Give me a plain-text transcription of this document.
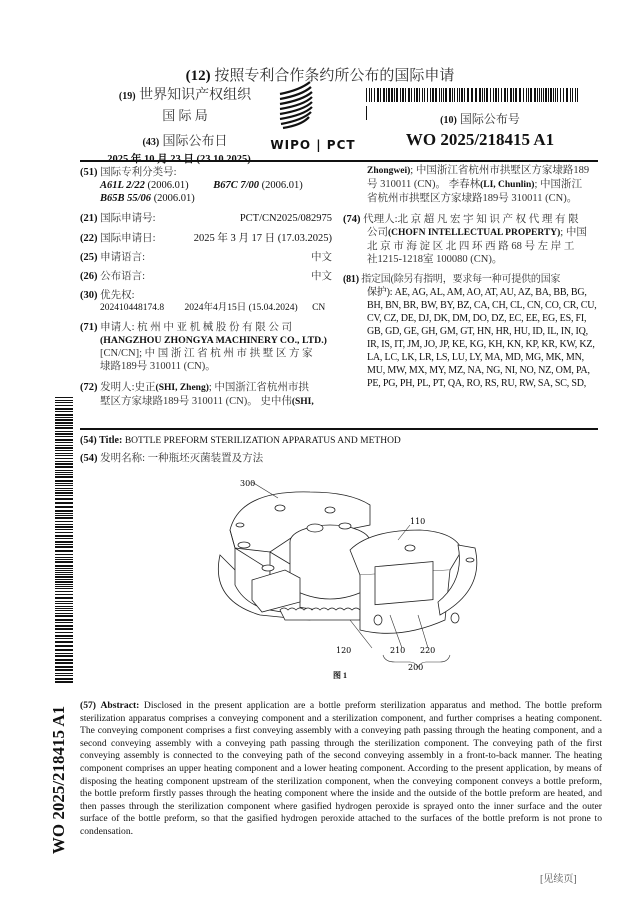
(12) 按照专利合作条约所公布的国际申请
(19) 世界知识产权组织
国 际 局
(43) 国际公布日	WIPO | PCT
(10) 国际公布号
WO 2025/218415 A1
(51) 国际专利分类号:
A61L 2/22 (2006.01) B67C 7/00 (2006.01)
B65B 55/06 (2006.01)
(21) 国际申请号:	PCT/CN2025/082975
(22) 国际申请日:	2025 年 3 月 17 日 (17.03.2025)
(25) 申请语言:	中文
(26) 公布语言:	中文
(30) 优先权:
202410448174.8 2024年4月15日 (15.04.2024) CN
(71) 申请人: 杭 州 中 亚 机 械 股 份 有 限 公 司
(HANGZHOU ZHONGYA MACHINERY CO., LTD.)
[CN/CN]; 中 国 浙 江 省 杭 州 市 拱 墅 区 方 家
埭路189号 310011 (CN)。
(72) 发明人:史正(SHI, Zheng); 中国浙江省杭州市拱
墅区方家埭路189号 310011 (CN)。 史中伟(SHI,
Zhongwei); 中国浙江省杭州市拱墅区方家埭路189
号 310011 (CN)。 李春林(LI, Chunlin); 中国浙江
省杭州市拱墅区方家埭路189号 310011 (CN)。
(74) 代理人:北 京 超 凡 宏 宇 知 识 产 权 代 理 有 限
公司(CHOFN INTELLECTUAL PROPERTY); 中国
北 京 市 海 淀 区 北 四 环 西 路 68 号 左 岸 工
社1215-1218室 100080 (CN)。
(81) 指定国(除另有指明，要求每一种可提供的国家
保护): AE, AG, AL, AM, AO, AT, AU, AZ, BA, BB, BG,
BH, BN, BR, BW, BY, BZ, CA, CH, CL, CN, CO, CR, CU,
CV, CZ, DE, DJ, DK, DM, DO, DZ, EC, EE, EG, ES, FI,
GB, GD, GE, GH, GM, GT, HN, HR, HU, ID, IL, IN, IQ,
IR, IS, IT, JM, JO, JP, KE, KG, KH, KN, KP, KR, KW, KZ,
LA, LC, LK, LR, LS, LU, LY, MA, MD, MG, MK, MN,
MU, MW, MX, MY, MZ, NA, NG, NI, NO, NZ, OM, PA,
PE, PG, PH, PL, PT, QA, RO, RS, RU, RW, SA, SC, SD,
(54) Title: BOTTLE PREFORM STERILIZATION APPARATUS AND METHOD
(54) 发明名称: 一种瓶坯灭菌装置及方法
300
110
120	210 220
200
图 1
(57) Abstract: Disclosed in the present application are a bottle preform sterilization apparatus and method. The bottle preform sterilization apparatus comprises a conveying component and a sterilization component, and further comprises a heating component. The conveying component comprises a first conveying assembly with a conveying path passing through the heating component, and a second conveying assembly with a conveying path passing through the sterilization component. The conveying path of the first conveying assembly is connected to the conveying path of the second conveying assembly in a front-to-back manner. The heating component comprises an upper heating component and a lower heating component. According to the present application, by means of disposing the heating component upstream of the sterilization component, when the conveying component conveys a bottle preform, the bottle preform firstly passes through the heating component where the inside and the outside of the bottle preform are heated, and then passes through the sterilization component where gasified hydrogen peroxide is sprayed onto the inner surface and the outer surface of the bottle preform, so that the gasified hydrogen peroxide attached to the surfaces of the bottle preform is not prone to condensation.
WO 2025/218415 A1
[见续页]
